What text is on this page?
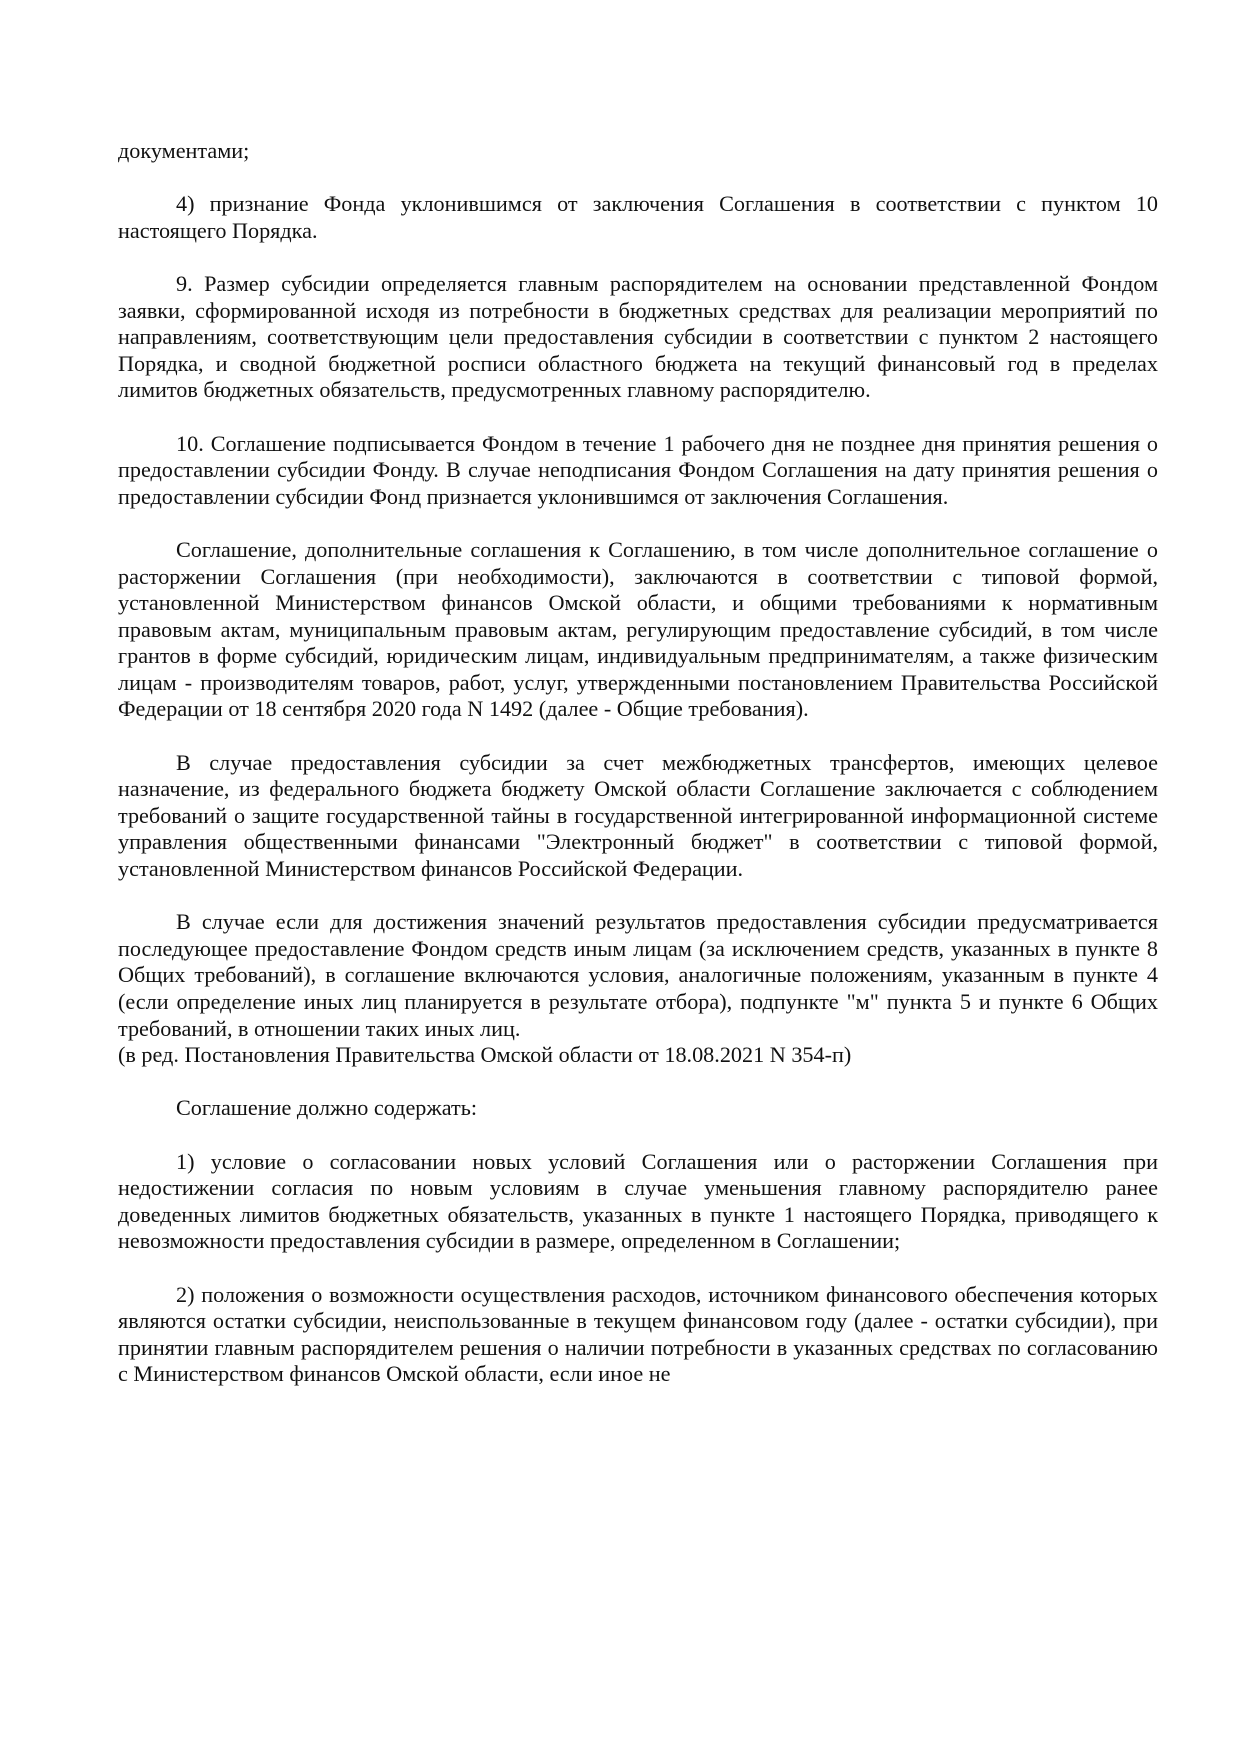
документами;

4) признание Фонда уклонившимся от заключения Соглашения в соответствии с пунктом 10 настоящего Порядка.

9. Размер субсидии определяется главным распорядителем на основании представленной Фондом заявки, сформированной исходя из потребности в бюджетных средствах для реализации мероприятий по направлениям, соответствующим цели предоставления субсидии в соответствии с пунктом 2 настоящего Порядка, и сводной бюджетной росписи областного бюджета на текущий финансовый год в пределах лимитов бюджетных обязательств, предусмотренных главному распорядителю.

10. Соглашение подписывается Фондом в течение 1 рабочего дня не позднее дня принятия решения о предоставлении субсидии Фонду. В случае неподписания Фондом Соглашения на дату принятия решения о предоставлении субсидии Фонд признается уклонившимся от заключения Соглашения.

Соглашение, дополнительные соглашения к Соглашению, в том числе дополнительное соглашение о расторжении Соглашения (при необходимости), заключаются в соответствии с типовой формой, установленной Министерством финансов Омской области, и общими требованиями к нормативным правовым актам, муниципальным правовым актам, регулирующим предоставление субсидий, в том числе грантов в форме субсидий, юридическим лицам, индивидуальным предпринимателям, а также физическим лицам - производителям товаров, работ, услуг, утвержденными постановлением Правительства Российской Федерации от 18 сентября 2020 года N 1492 (далее - Общие требования).

В случае предоставления субсидии за счет межбюджетных трансфертов, имеющих целевое назначение, из федерального бюджета бюджету Омской области Соглашение заключается с соблюдением требований о защите государственной тайны в государственной интегрированной информационной системе управления общественными финансами "Электронный бюджет" в соответствии с типовой формой, установленной Министерством финансов Российской Федерации.

В случае если для достижения значений результатов предоставления субсидии предусматривается последующее предоставление Фондом средств иным лицам (за исключением средств, указанных в пункте 8 Общих требований), в соглашение включаются условия, аналогичные положениям, указанным в пункте 4 (если определение иных лиц планируется в результате отбора), подпункте "м" пункта 5 и пункте 6 Общих требований, в отношении таких иных лиц.

(в ред. Постановления Правительства Омской области от 18.08.2021 N 354-п)

Соглашение должно содержать:

1) условие о согласовании новых условий Соглашения или о расторжении Соглашения при недостижении согласия по новым условиям в случае уменьшения главному распорядителю ранее доведенных лимитов бюджетных обязательств, указанных в пункте 1 настоящего Порядка, приводящего к невозможности предоставления субсидии в размере, определенном в Соглашении;

2) положения о возможности осуществления расходов, источником финансового обеспечения которых являются остатки субсидии, неиспользованные в текущем финансовом году (далее - остатки субсидии), при принятии главным распорядителем решения о наличии потребности в указанных средствах по согласованию с Министерством финансов Омской области, если иное не
